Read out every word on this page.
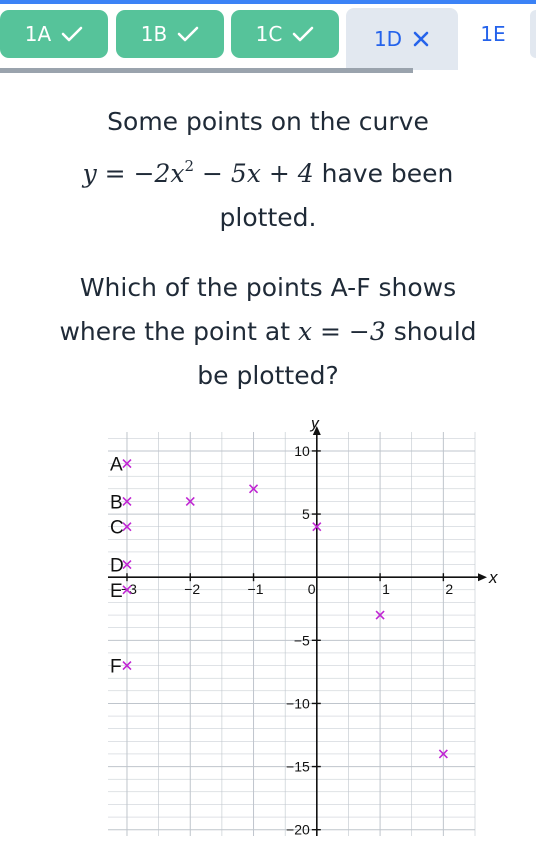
1A	1B	1C	1D	1E
Some points on the curve
$y = -2x^2 - 5x + 4$ have been
plotted.
Which of the points A-F shows
where the point at x = −3 should
be plotted?
x
y
−3	−2	−1	0	1	2
10
5
−5
−10
−15
−20
A
B
C
D
E
F
